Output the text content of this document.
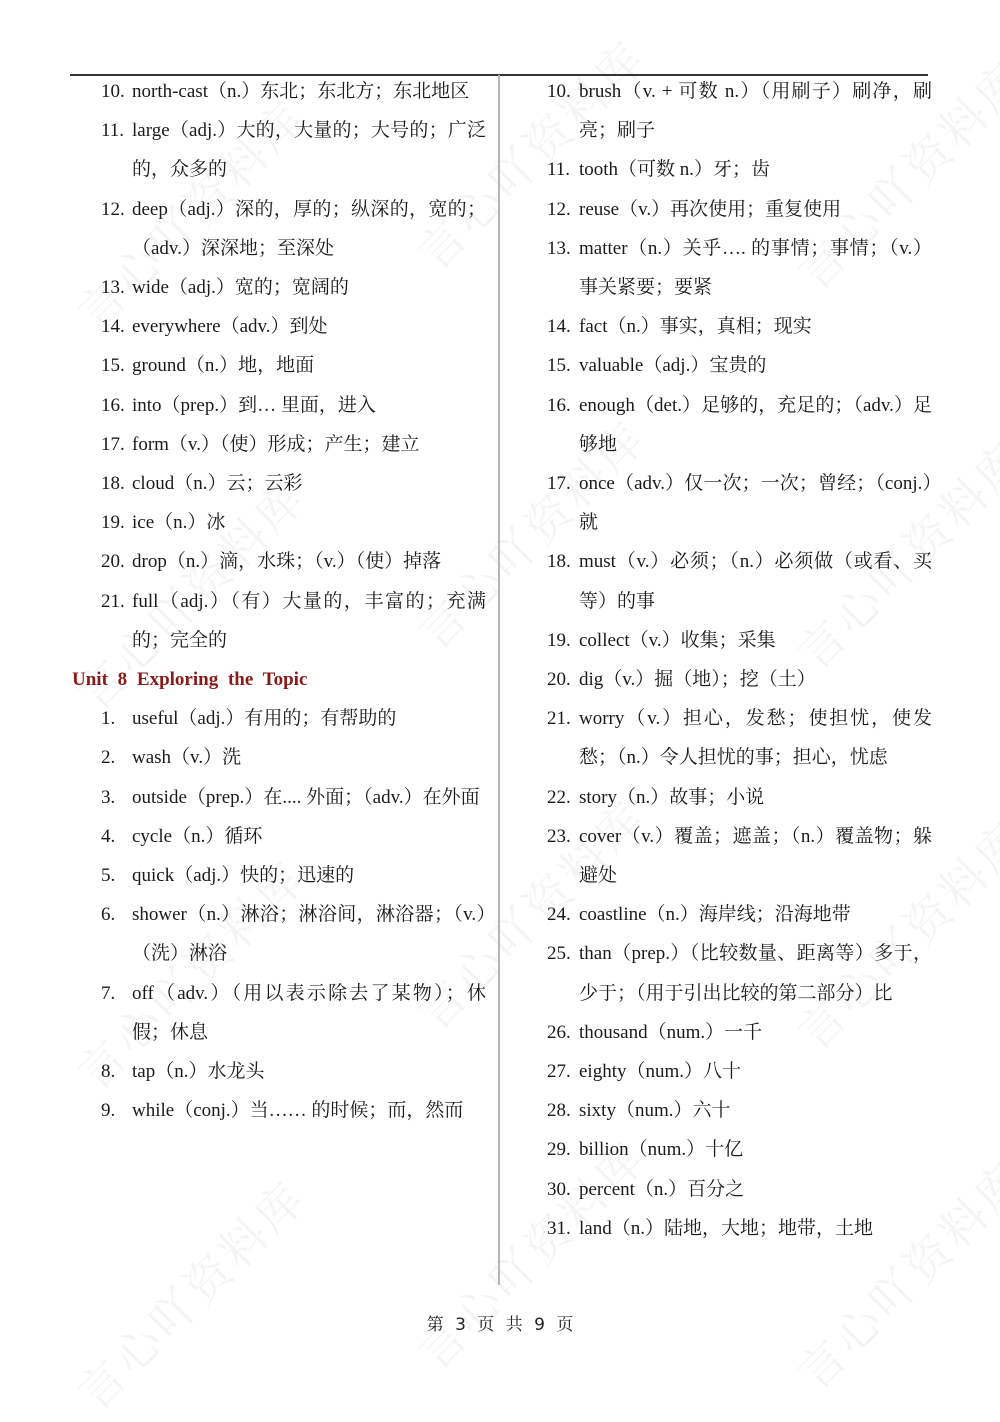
10. north-cast（n.）东北；东北方；东北地区
11. large（adj.）大的，大量的；大号的；广泛的，众多的
12. deep（adj.）深的，厚的；纵深的，宽的；（adv.）深深地；至深处
13. wide（adj.）宽的；宽阔的
14. everywhere（adv.）到处
15. ground（n.）地，地面
16. into（prep.）到… 里面，进入
17. form（v.）（使）形成；产生；建立
18. cloud（n.）云；云彩
19. ice（n.）冰
20. drop（n.）滴，水珠；（v.）（使）掉落
21. full（adj.）（有）大量的，丰富的；充满的；完全的
Unit 8 Exploring the Topic
1. useful（adj.）有用的；有帮助的
2. wash（v.）洗
3. outside（prep.）在.... 外面；（adv.）在外面
4. cycle（n.）循环
5. quick（adj.）快的；迅速的
6. shower（n.）淋浴；淋浴间，淋浴器；（v.）（洗）淋浴
7. off（adv.）（用以表示除去了某物）；休假；休息
8. tap（n.）水龙头
9. while（conj.）当…… 的时候；而，然而
10. brush（v. + 可数 n.）（用刷子）刷净，刷亮；刷子
11. tooth（可数 n.）牙；齿
12. reuse（v.）再次使用；重复使用
13. matter（n.）关乎…. 的事情；事情；（v.）事关紧要；要紧
14. fact（n.）事实，真相；现实
15. valuable（adj.）宝贵的
16. enough（det.）足够的，充足的；（adv.）足够地
17. once（adv.）仅一次；一次；曾经；（conj.）就
18. must（v.）必须；（n.）必须做（或看、买等）的事
19. collect（v.）收集；采集
20. dig（v.）掘（地）；挖（土）
21. worry（v.）担心，发愁；使担忧，使发愁；（n.）令人担忧的事；担心，忧虑
22. story（n.）故事；小说
23. cover（v.）覆盖；遮盖；（n.）覆盖物；躲避处
24. coastline（n.）海岸线；沿海地带
25. than（prep.）（比较数量、距离等）多于，少于；（用于引出比较的第二部分）比
26. thousand（num.）一千
27. eighty（num.）八十
28. sixty（num.）六十
29. billion（num.）十亿
30. percent（n.）百分之
31. land（n.）陆地，大地；地带，土地
第 3 页 共 9 页
